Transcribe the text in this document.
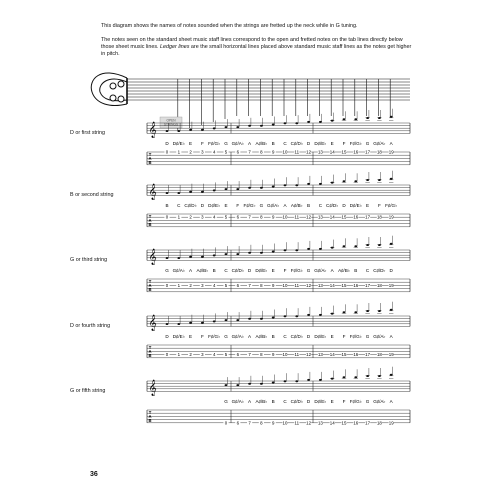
This diagram shows the names of notes sounded when the strings are fretted up the neck while in G tuning.

The notes seen on the standard sheet music staff lines correspond to the open and fretted notes on the tab lines directly below those sheet music lines. Ledger lines are the small horizontal lines placed above standard music staff lines as the notes get higher in pitch.

OPEN
STRINGS
D or first string	𝄞
D D♯/E♭ E F F♯/G♭ G G♯/A♭ A A♯/B♭ B C C♯/D♭ D D♯/E♭ E F F♯/G♭ G G♯/A♭ A
T
A
B
0 1 2 3 4 5 6 7 8 9 10 11 12 13 14 15 16 17 18 19
B or second string	𝄞
B C C♯/D♭ D D♯/E♭ E F F♯/G♭ G G♯/A♭ A A♯/B♭ B C C♯/D♭ D D♯/E♭ E F F♯/G♭
T
A
B
0 1 2 3 4 5 6 7 8 9 10 11 12 13 14 15 16 17 18 19
G or third string	𝄞
G G♯/A♭ A A♯/B♭ B C C♯/D♭ D D♯/E♭ E F F♯/G♭ G G♯/A♭ A A♯/B♭ B C C♯/D♭ D
T
A
B
0 1 2 3 4 5 6 7 8 9 10 11 12 13 14 15 16 17 18 19
D or fourth string	𝄞
D D♯/E♭ E F F♯/G♭ G G♯/A♭ A A♯/B♭ B C C♯/D♭ D D♯/E♭ E F F♯/G♭ G G♯/A♭ A
T
A
B	0 1 2 3 4 5 6 7 8 9 10 11 12 13 14 15 16 17 18 19
G or fifth string	𝄞
G G♯/A♭ A A♯/B♭ B C C♯/D♭ D D♯/E♭ E F F♯/G♭ G G♯/A♭ A
T
A
B	0 6 7 8 9 10 11 12 13 14 15 16 17 18 19
36
